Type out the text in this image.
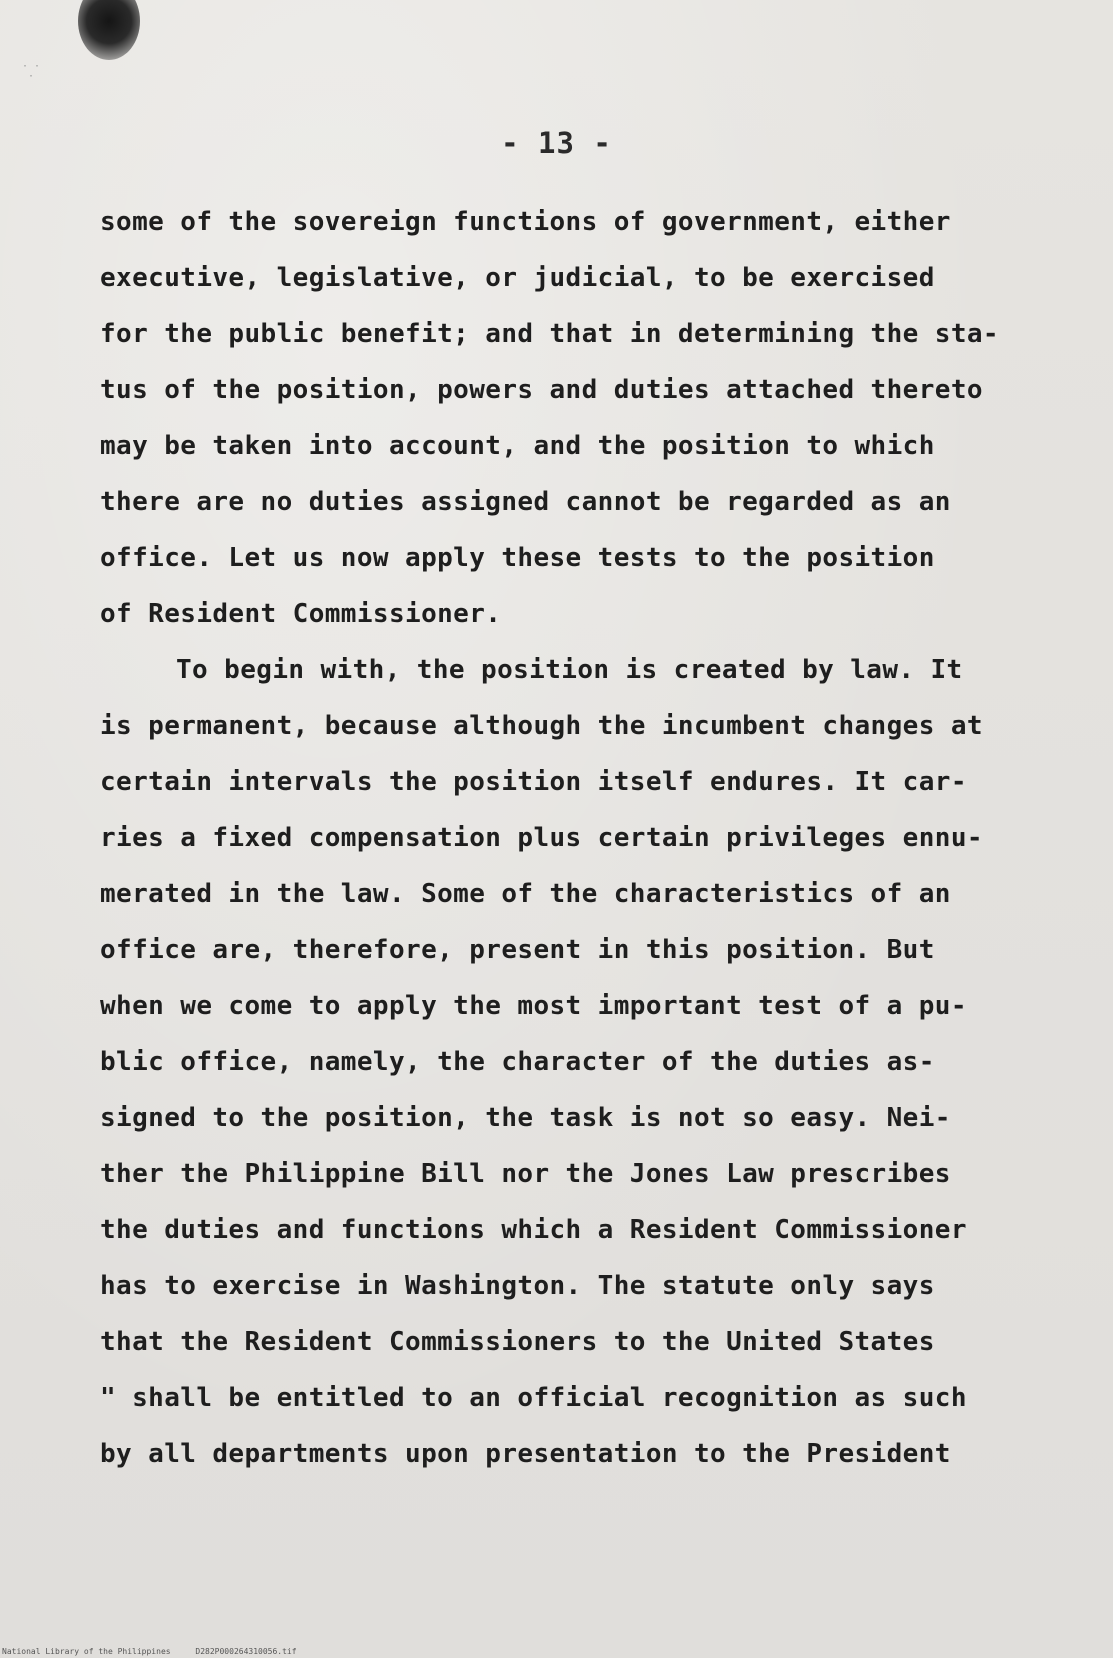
· ·
·
- 13 -
some of the sovereign functions of government, either
executive, legislative, or judicial, to be exercised
for the public benefit; and that in determining the sta-
tus of the position, powers and duties attached thereto
may be taken into account, and the position to which
there are no duties assigned cannot be regarded as an
office. Let us now apply these tests to the position
of Resident Commissioner.
To begin with, the position is created by law. It
is permanent, because although the incumbent changes at
certain intervals the position itself endures. It car-
ries a fixed compensation plus certain privileges ennu-
merated in the law. Some of the characteristics of an
office are, therefore, present in this position. But
when we come to apply the most important test of a pu-
blic office, namely, the character of the duties as-
signed to the position, the task is not so easy. Nei-
ther the Philippine Bill nor the Jones Law prescribes
the duties and functions which a Resident Commissioner
has to exercise in Washington. The statute only says
that the Resident Commissioners to the United States
" shall be entitled to an official recognition as such
by all departments upon presentation to the President
National Library of the Philippines	D282P000264310056.tif
